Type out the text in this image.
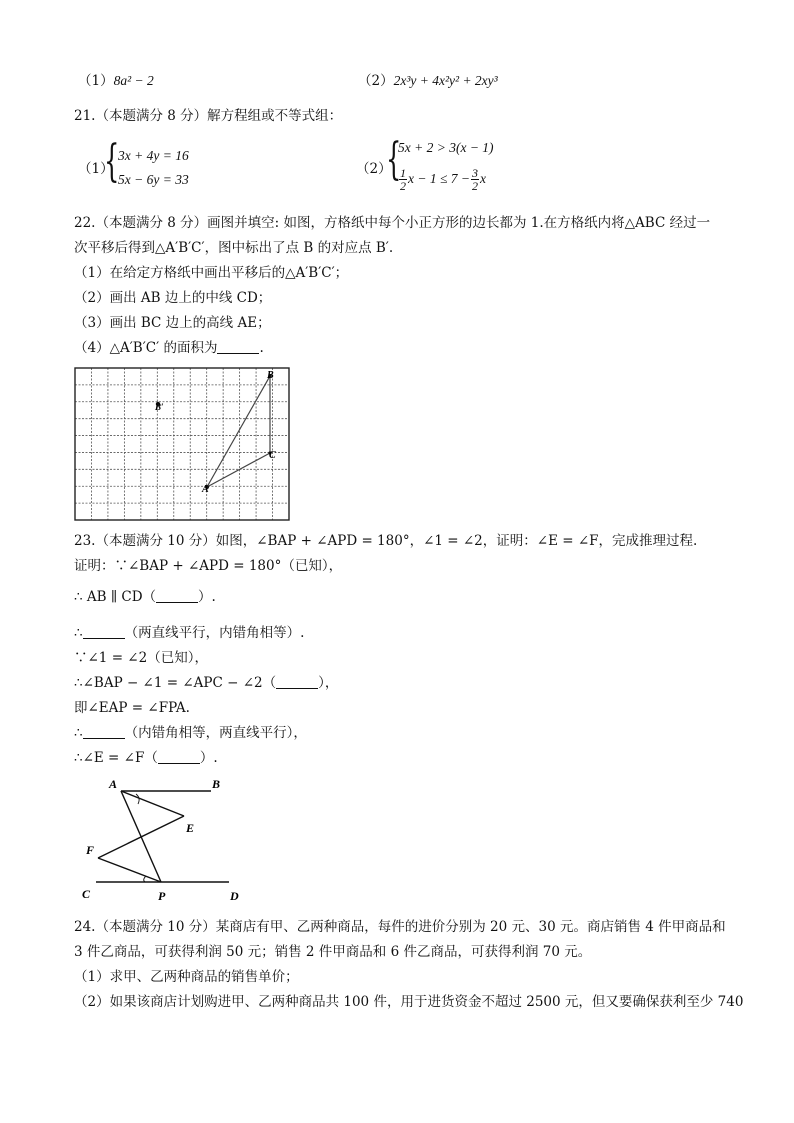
（1）8a² − 2	（2）2x³y + 4x²y² + 2xy³
21.（本题满分 8 分）解方程组或不等式组：
（1）
{
3x + 4y = 16
5x − 6y = 33
（2）
{
5x + 2 > 3(x − 1)
$\frac{1}{2}$ $x - 1 \le 7 - \frac{3}{2}$ x
22.（本题满分 8 分）画图并填空: 如图，方格纸中每个小正方形的边长都为 1.在方格纸内将△ABC 经过一
次平移后得到△A′B′C′，图中标出了点 B 的对应点 B′.
（1）在给定方格纸中画出平移后的△A′B′C′；
（2）画出 AB 边上的中线 CD；
（3）画出 BC 边上的高线 AE；
（4）△A′B′C′ 的面积为	.
B
C
A
B′
23.（本题满分 10 分）如图，∠BAP + ∠APD = 180°，∠1 = ∠2，证明：∠E = ∠F，完成推理过程.
证明：∵∠BAP + ∠APD = 180°（已知），
∴ AB ∥ CD（	）.
∴	（两直线平行，内错角相等）.
∵∠1 = ∠2（已知），
∴∠BAP − ∠1 = ∠APC − ∠2（	），
即∠EAP = ∠FPA.
∴	（内错角相等，两直线平行），
∴∠E = ∠F（	）.
A	B
E
F
C	P	D
24.（本题满分 10 分）某商店有甲、乙两种商品，每件的进价分别为 20 元、30 元。商店销售 4 件甲商品和
3 件乙商品，可获得利润 50 元；销售 2 件甲商品和 6 件乙商品，可获得利润 70 元。
（1）求甲、乙两种商品的销售单价；
（2）如果该商店计划购进甲、乙两种商品共 100 件，用于进货资金不超过 2500 元，但又要确保获利至少 740
